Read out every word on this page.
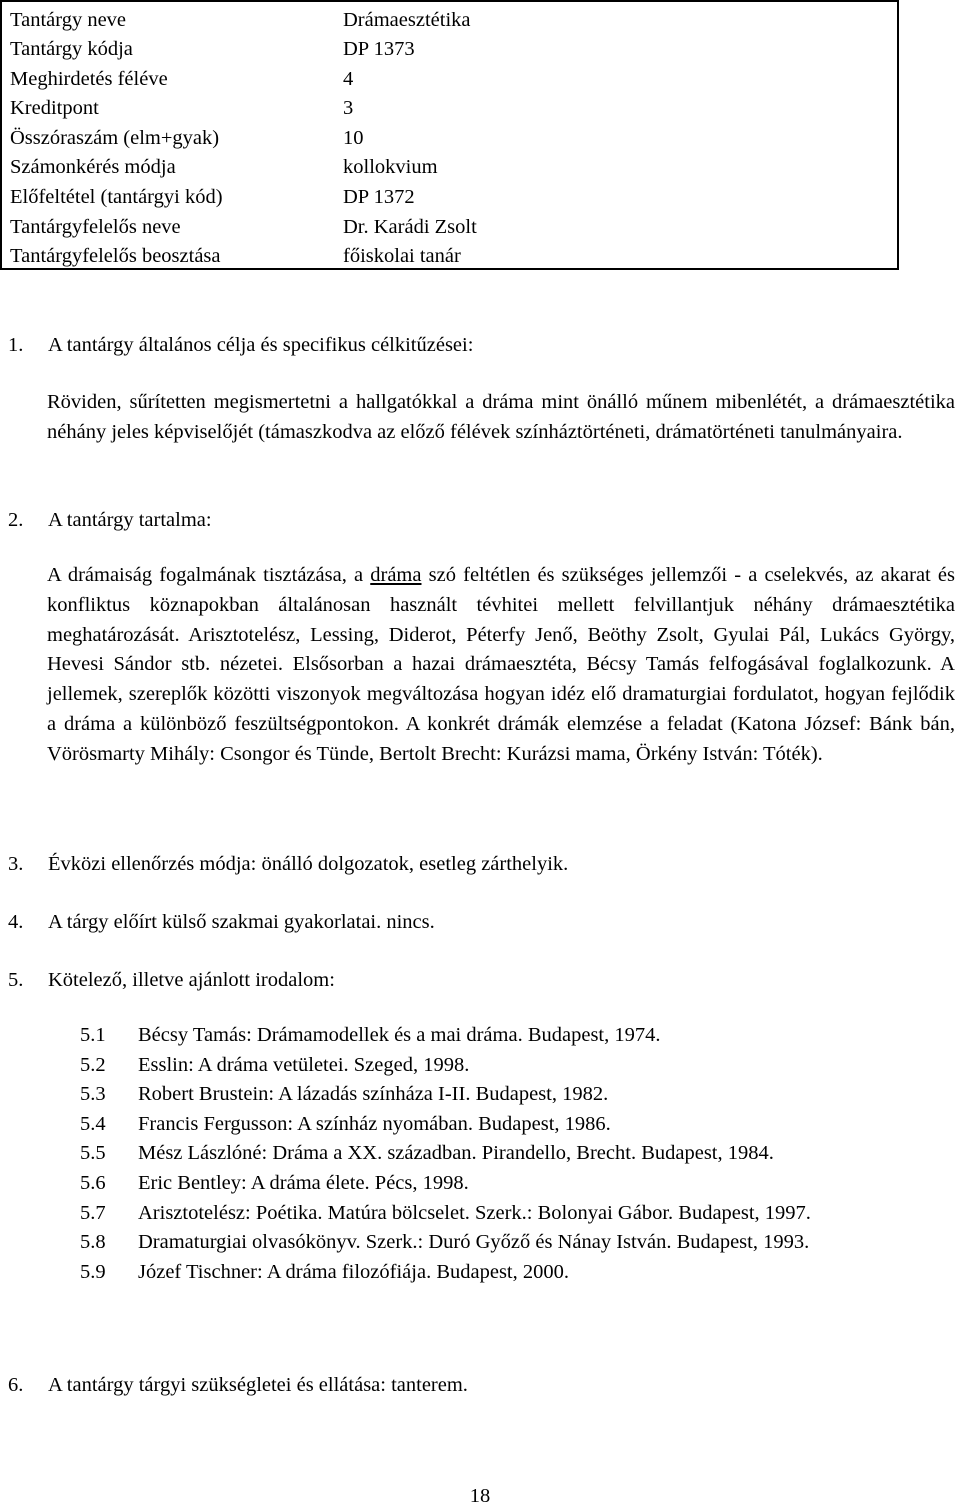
Tantárgy neve	Drámaesztétika
Tantárgy kódja	DP 1373
Meghirdetés féléve	4
Kreditpont	3
Összóraszám (elm+gyak)	10
Számonkérés módja	kollokvium
Előfeltétel (tantárgyi kód)	DP 1372
Tantárgyfelelős neve	Dr. Karádi Zsolt
Tantárgyfelelős beosztása	főiskolai tanár
1. A tantárgy általános célja és specifikus célkitűzései:
Röviden, sűrítetten megismertetni a hallgatókkal a dráma mint önálló műnem mibenlétét, a drámaesztétika néhány jeles képviselőjét (támaszkodva az előző félévek színháztörténeti, drámatörténeti tanulmányaira.
2. A tantárgy tartalma:
A drámaiság fogalmának tisztázása, a dráma szó feltétlen és szükséges jellemzői - a cselekvés, az akarat és konfliktus köznapokban általánosan használt tévhitei mellett felvillantjuk néhány drámaesztétika meghatározását. Arisztotelész, Lessing, Diderot, Péterfy Jenő, Beöthy Zsolt, Gyulai Pál, Lukács György, Hevesi Sándor stb. nézetei. Elsősorban a hazai drámaesztéta, Bécsy Tamás felfogásával foglalkozunk. A jellemek, szereplők közötti viszonyok megváltozása hogyan idéz elő dramaturgiai fordulatot, hogyan fejlődik a dráma a különböző feszültségpontokon. A konkrét drámák elemzése a feladat (Katona József: Bánk bán, Vörösmarty Mihály: Csongor és Tünde, Bertolt Brecht: Kurázsi mama, Örkény István: Tóték).
3. Évközi ellenőrzés módja: önálló dolgozatok, esetleg zárthelyik.
4. A tárgy előírt külső szakmai gyakorlatai. nincs.
5. Kötelező, illetve ajánlott irodalom:
5.1 Bécsy Tamás: Drámamodellek és a mai dráma. Budapest, 1974.
5.2 Esslin: A dráma vetületei. Szeged, 1998.
5.3 Robert Brustein: A lázadás színháza I-II. Budapest, 1982.
5.4 Francis Fergusson: A színház nyomában. Budapest, 1986.
5.5 Mész Lászlóné: Dráma a XX. században. Pirandello, Brecht. Budapest, 1984.
5.6 Eric Bentley: A dráma élete. Pécs, 1998.
5.7 Arisztotelész: Poétika. Matúra bölcselet. Szerk.: Bolonyai Gábor. Budapest, 1997.
5.8 Dramaturgiai olvasókönyv. Szerk.: Duró Győző és Nánay István. Budapest, 1993.
5.9 Józef Tischner: A dráma filozófiája. Budapest, 2000.
6. A tantárgy tárgyi szükségletei és ellátása: tanterem.
18
